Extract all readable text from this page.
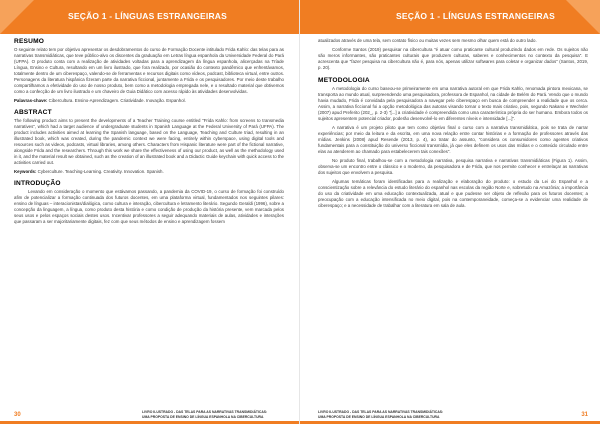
SEÇÃO 1 - LÍNGUAS ESTRANGEIRAS
RESUMO

O seguinte relato tem por objetivo apresentar os desdobramentos do curso de Formação Docente intitulado Frida Kahlo: das telas para as narrativas transmidiáticas, que teve público-alvo os discentes da graduação em Letras língua espanhola da Universidade Federal do Pará (UFPA). O produto conta com a realização de atividades voltadas para a aprendizagem da língua espanhola, alicerçadas na Tríade Língua, Ensino e Cultura, resultando em um livro ilustrado, que fora realizado, por ocasião do contexto pandêmico que enfrentávamos, totalmente dentro de um ciberespaço, valendo-se de ferramentas e recursos digitais como vídeos, podcast, biblioteca virtual, entre outros. Personagens da literatura hispânica fizeram parte da narrativa ficcional, juntamente a Frida e os pesquisadores. Por meio deste trabalho compartilhamos a efetividade do uso de nosso produto, bem como a metodologia empregada nele, e o resultado material que obtivemos como a confecção de um livro ilustrado e um chaveiro de Guia Didático com acesso rápido às atividades desenvolvidas.

Palavras-chave: Cibercultura. Ensino-Aprendizagem. Criatividade. Inovação. Espanhol.

ABSTRACT

The following product aims to present the developments of a Teacher Training course entitled "Frida Kahlo: from screens to transmedia narratives", which had a target audience of undergraduate students in Spanish Language at the Federal University of Pará (UFPA). The product includes activities aimed at learning the Spanish language, based on the Language, Teaching and Culture triad, resulting in an illustrated book, which was created, during the pandemic context we were facing, entirely within cyberspace, using digital tools and resources such as videos, podcasts, virtual libraries, among others. Characters from Hispanic literature were part of the fictional narrative, alongside Frida and the researchers. Through this work we share the effectiveness of using our product, as well as the methodology used in it, and the material result we obtained, such as the creation of an illustrated book and a Didactic Guide keychain with quick access to the activities carried out.

Keywords: Cyberculture. Teaching-Learning. Creativity. Innovation. Spanish.

INTRODUÇÃO

Levando em consideração o momento que estávamos passando, a pandemia da COVID-19, o curso de formação foi construído afim de potencializar a formação continuada dos futuros docentes, em uma plataforma virtual, fundamentados nos seguintes pilares: ensino de línguas – interacionistas/dialógica, como cultura e interação, cibercultura e letramento literário. Segundo Geraldi (1996), sobre a concepção da linguagem, a língua, como produto desta história e como condição de produção da história presente, vem marcada pelos seus usos e pelos espaços sociais destes usos. Incentivar professores a seguir adequando materiais de aulas, atividades e interações que passaram a ser majoritariamente digitais, fez com que seus métodos de ensino e aprendizagem fossem

30	LIVRO ILUSTRADO - DAS TELAS PARA AS NARRATIVAS TRANSMIDIÁTICAS:
UMA PROPOSTA DE ENSINO DE LÍNGUA ESPANHOLA NA CIBERCULTURA
SEÇÃO 1 - LÍNGUAS ESTRANGEIRAS

atualizados através de uma tela, sem contato físico ou muitas vezes sem mesmo olhar quem está do outro lado.

Conforme Santos (2019) pesquisar na cibercultura "é atuar como praticante cultural produzindo dados em rede. Os sujeitos não são meros informantes, são praticantes culturais que produzem culturas, saberes e conhecimentos no contexto da pesquisa". E acrescenta que "fazer pesquisa na cibercultura não é, para nós, apenas utilizar softwares para coletar e organizar dados" (Santos, 2019, p. 20).

METODOLOGIA

A metodologia do curso baseou-se primeiramente em uma narrativa autoral em que Frida Kahlo, renomada pintora mexicana, se transporta ao mundo atual, surpreendendo uma pesquisadora, professora de Espanhol, na cidade de Belém do Pará. Vendo que o mundo havia mudado, Frida é convidada pela pesquisadora a navegar pelo ciberespaço em busca de compreender a realidade que os cerca. Assim, a narrativa ficcional foi a opção metodológica das autoras visando tornar o texto mais criativo, pois, segundo Nakano e Wechsler (2007) apud Preferito (202_, p. 2-3) "[...] a criatividade é compreendida como uma característica própria do ser humano. Embora todos os sujeitos apresentem potencial criador, poderão desenvolvê-lo em diferentes níveis e intensidade [...]".

A narrativa é um projeto piloto que tem como objetivo final o curso com a narrativa transmidiática, pois se trata de narrar experiências; por meio da leitura e da escrita, em uma nova relação entre contar histórias e a formação de professores através das mídias. Jenkins (2008) apud Resende (2013, p. 4), ao tratar do assunto, "considera os consumidores como agentes criativos fundamentais para a constituição do universo ficcional transmídia, já que eles definem os usos das mídias e o conteúdo circulado entre elas ao atenderem ao chamado para estabelecerem tais conexões".

No produto final, trabalhou-se com a metodologia narrativa, pesquisa narrativa e narrativas transmidiáticas (Figura 1). Assim, observa-se um encontro entre o clássico e o moderno, da pesquisadora e de Frida, que nos permite conhecer e entrelaçar as narrativas dos sujeitos que envolvem a pesquisa.

Algumas temáticas foram identificadas para a realização e elaboração do produto: o estudo da Lei do Espanhol e a conscientização sobre a relevância do estudo literário do espanhol nas escolas da região Norte e, sobretudo na Amazônia; a importância do uso da criatividade em uma educação contextualizada, atual e que pudesse ser objeto de reflexão para os futuros docentes; a preocupação com a educação intensificada no meio digital, pois na contemporaneidade, começa-se a evidenciar uma realidade de ciberespaço; e a necessidade de trabalhar com a literatura em sala de aula.

LIVRO ILUSTRADO - DAS TELAS PARA AS NARRATIVAS TRANSMIDIÁTICAS:
UMA PROPOSTA DE ENSINO DE LÍNGUA ESPANHOLA NA CIBERCULTURA	31
